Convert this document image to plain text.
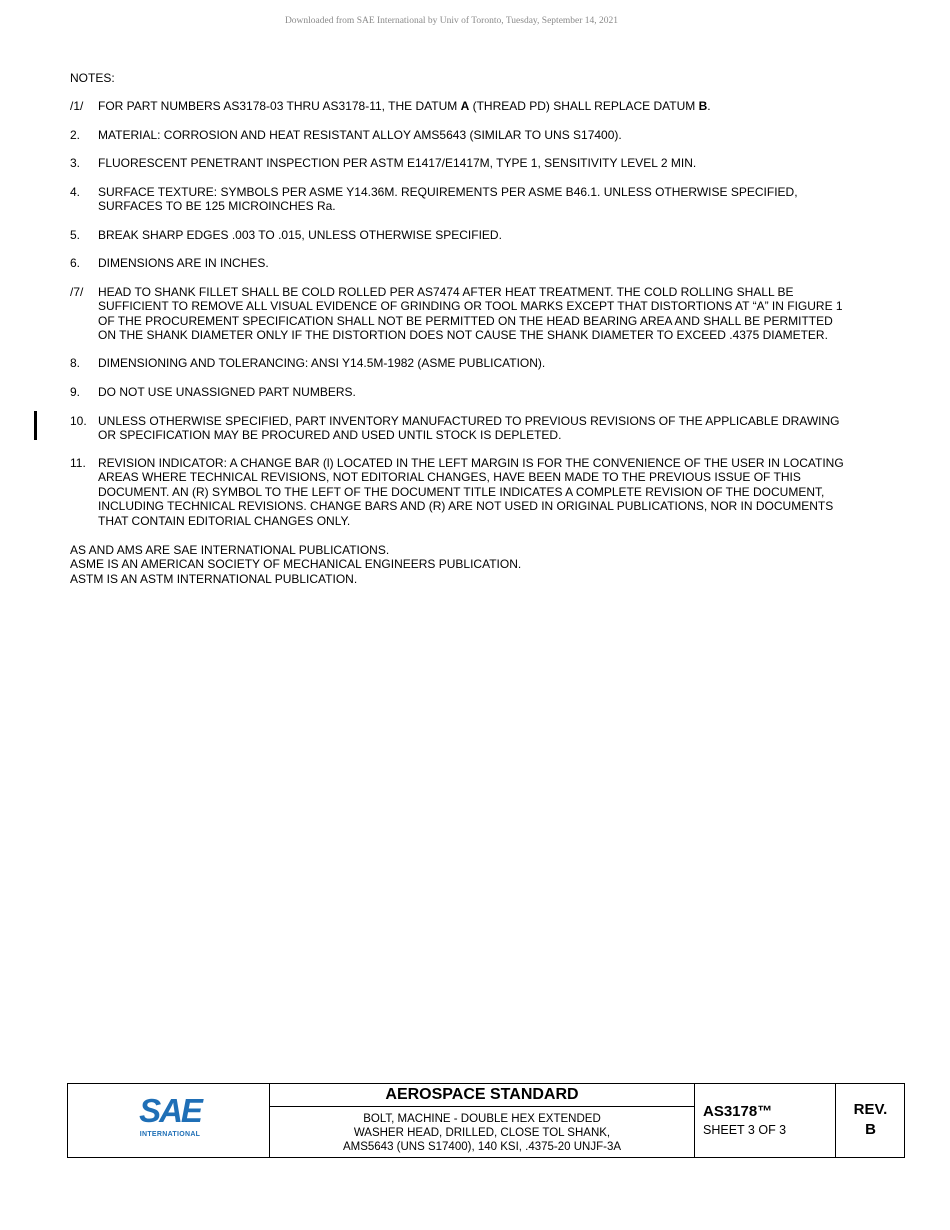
Downloaded from SAE International by Univ of Toronto, Tuesday, September 14, 2021
NOTES:
/1/ FOR PART NUMBERS AS3178-03 THRU AS3178-11, THE DATUM A (THREAD PD) SHALL REPLACE DATUM B.
2. MATERIAL: CORROSION AND HEAT RESISTANT ALLOY AMS5643 (SIMILAR TO UNS S17400).
3. FLUORESCENT PENETRANT INSPECTION PER ASTM E1417/E1417M, TYPE 1, SENSITIVITY LEVEL 2 MIN.
4. SURFACE TEXTURE: SYMBOLS PER ASME Y14.36M. REQUIREMENTS PER ASME B46.1. UNLESS OTHERWISE SPECIFIED,
SURFACES TO BE 125 MICROINCHES Ra.
5. BREAK SHARP EDGES .003 TO .015, UNLESS OTHERWISE SPECIFIED.
6. DIMENSIONS ARE IN INCHES.
/7/ HEAD TO SHANK FILLET SHALL BE COLD ROLLED PER AS7474 AFTER HEAT TREATMENT. THE COLD ROLLING SHALL BE
SUFFICIENT TO REMOVE ALL VISUAL EVIDENCE OF GRINDING OR TOOL MARKS EXCEPT THAT DISTORTIONS AT “A” IN FIGURE 1
OF THE PROCUREMENT SPECIFICATION SHALL NOT BE PERMITTED ON THE HEAD BEARING AREA AND SHALL BE PERMITTED
ON THE SHANK DIAMETER ONLY IF THE DISTORTION DOES NOT CAUSE THE SHANK DIAMETER TO EXCEED .4375 DIAMETER.
8. DIMENSIONING AND TOLERANCING: ANSI Y14.5M-1982 (ASME PUBLICATION).
9. DO NOT USE UNASSIGNED PART NUMBERS.
10. UNLESS OTHERWISE SPECIFIED, PART INVENTORY MANUFACTURED TO PREVIOUS REVISIONS OF THE APPLICABLE DRAWING
OR SPECIFICATION MAY BE PROCURED AND USED UNTIL STOCK IS DEPLETED.
11. REVISION INDICATOR: A CHANGE BAR (l) LOCATED IN THE LEFT MARGIN IS FOR THE CONVENIENCE OF THE USER IN LOCATING
AREAS WHERE TECHNICAL REVISIONS, NOT EDITORIAL CHANGES, HAVE BEEN MADE TO THE PREVIOUS ISSUE OF THIS
DOCUMENT. AN (R) SYMBOL TO THE LEFT OF THE DOCUMENT TITLE INDICATES A COMPLETE REVISION OF THE DOCUMENT,
INCLUDING TECHNICAL REVISIONS. CHANGE BARS AND (R) ARE NOT USED IN ORIGINAL PUBLICATIONS, NOR IN DOCUMENTS
THAT CONTAIN EDITORIAL CHANGES ONLY.
AS AND AMS ARE SAE INTERNATIONAL PUBLICATIONS.
ASME IS AN AMERICAN SOCIETY OF MECHANICAL ENGINEERS PUBLICATION.
ASTM IS AN ASTM INTERNATIONAL PUBLICATION.
SAE
INTERNATIONAL
AEROSPACE STANDARD
BOLT, MACHINE - DOUBLE HEX EXTENDED
WASHER HEAD, DRILLED, CLOSE TOL SHANK,
AMS5643 (UNS S17400), 140 KSI, .4375-20 UNJF-3A
AS3178™
SHEET 3 OF 3
REV.
B
